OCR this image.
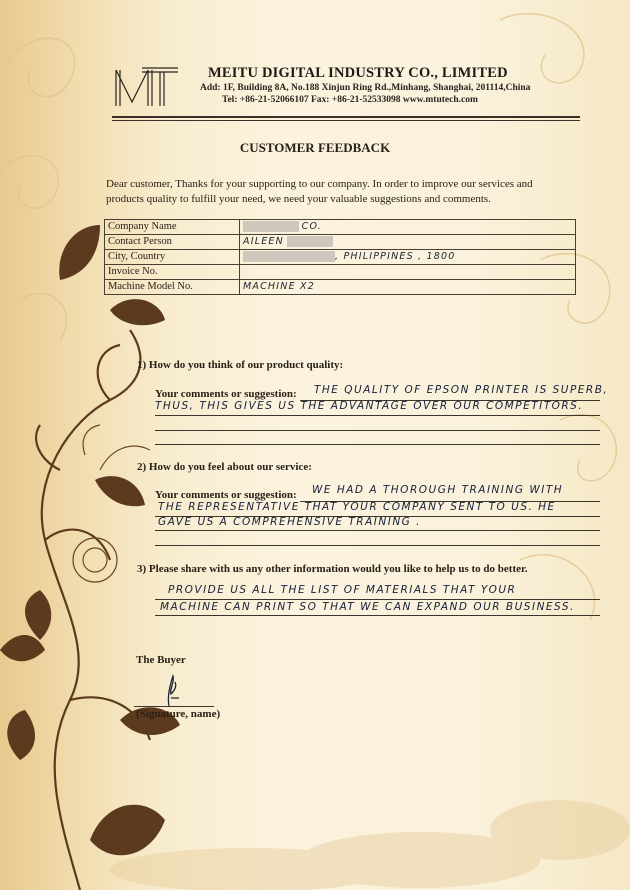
MEITU DIGITAL INDUSTRY CO., LIMITED
Add: 1F, Building 8A, No.188 Xinjun Ring Rd.,Minhang, Shanghai, 201114,China
Tel: +86-21-52066107 Fax: +86-21-52533098 www.mtutech.com
CUSTOMER FEEDBACK
Dear customer, Thanks for your supporting to our company. In order to improve our services and products quality to fulfill your need, we need your valuable suggestions and comments.
Company Name	CO.
Contact Person	AILEEN
City, Country	, PHILIPPINES , 1800
Invoice No.	
Machine Model No.	MACHINE X2
1) How do you think of our product quality:
Your comments or suggestion: THE QUALITY OF EPSON PRINTER IS SUPERB,
THUS, THIS GIVES US THE ADVANTAGE OVER OUR COMPETITORS.
2) How do you feel about our service:
Your comments or suggestion: WE HAD A THOROUGH TRAINING WITH
THE REPRESENTATIVE THAT YOUR COMPANY SENT TO US. HE
GAVE US A COMPREHENSIVE TRAINING .
3) Please share with us any other information would you like to help us to do better.
PROVIDE US ALL THE LIST OF MATERIALS THAT YOUR
MACHINE CAN PRINT SO THAT WE CAN EXPAND OUR BUSINESS.
The Buyer
(Signature, name)
